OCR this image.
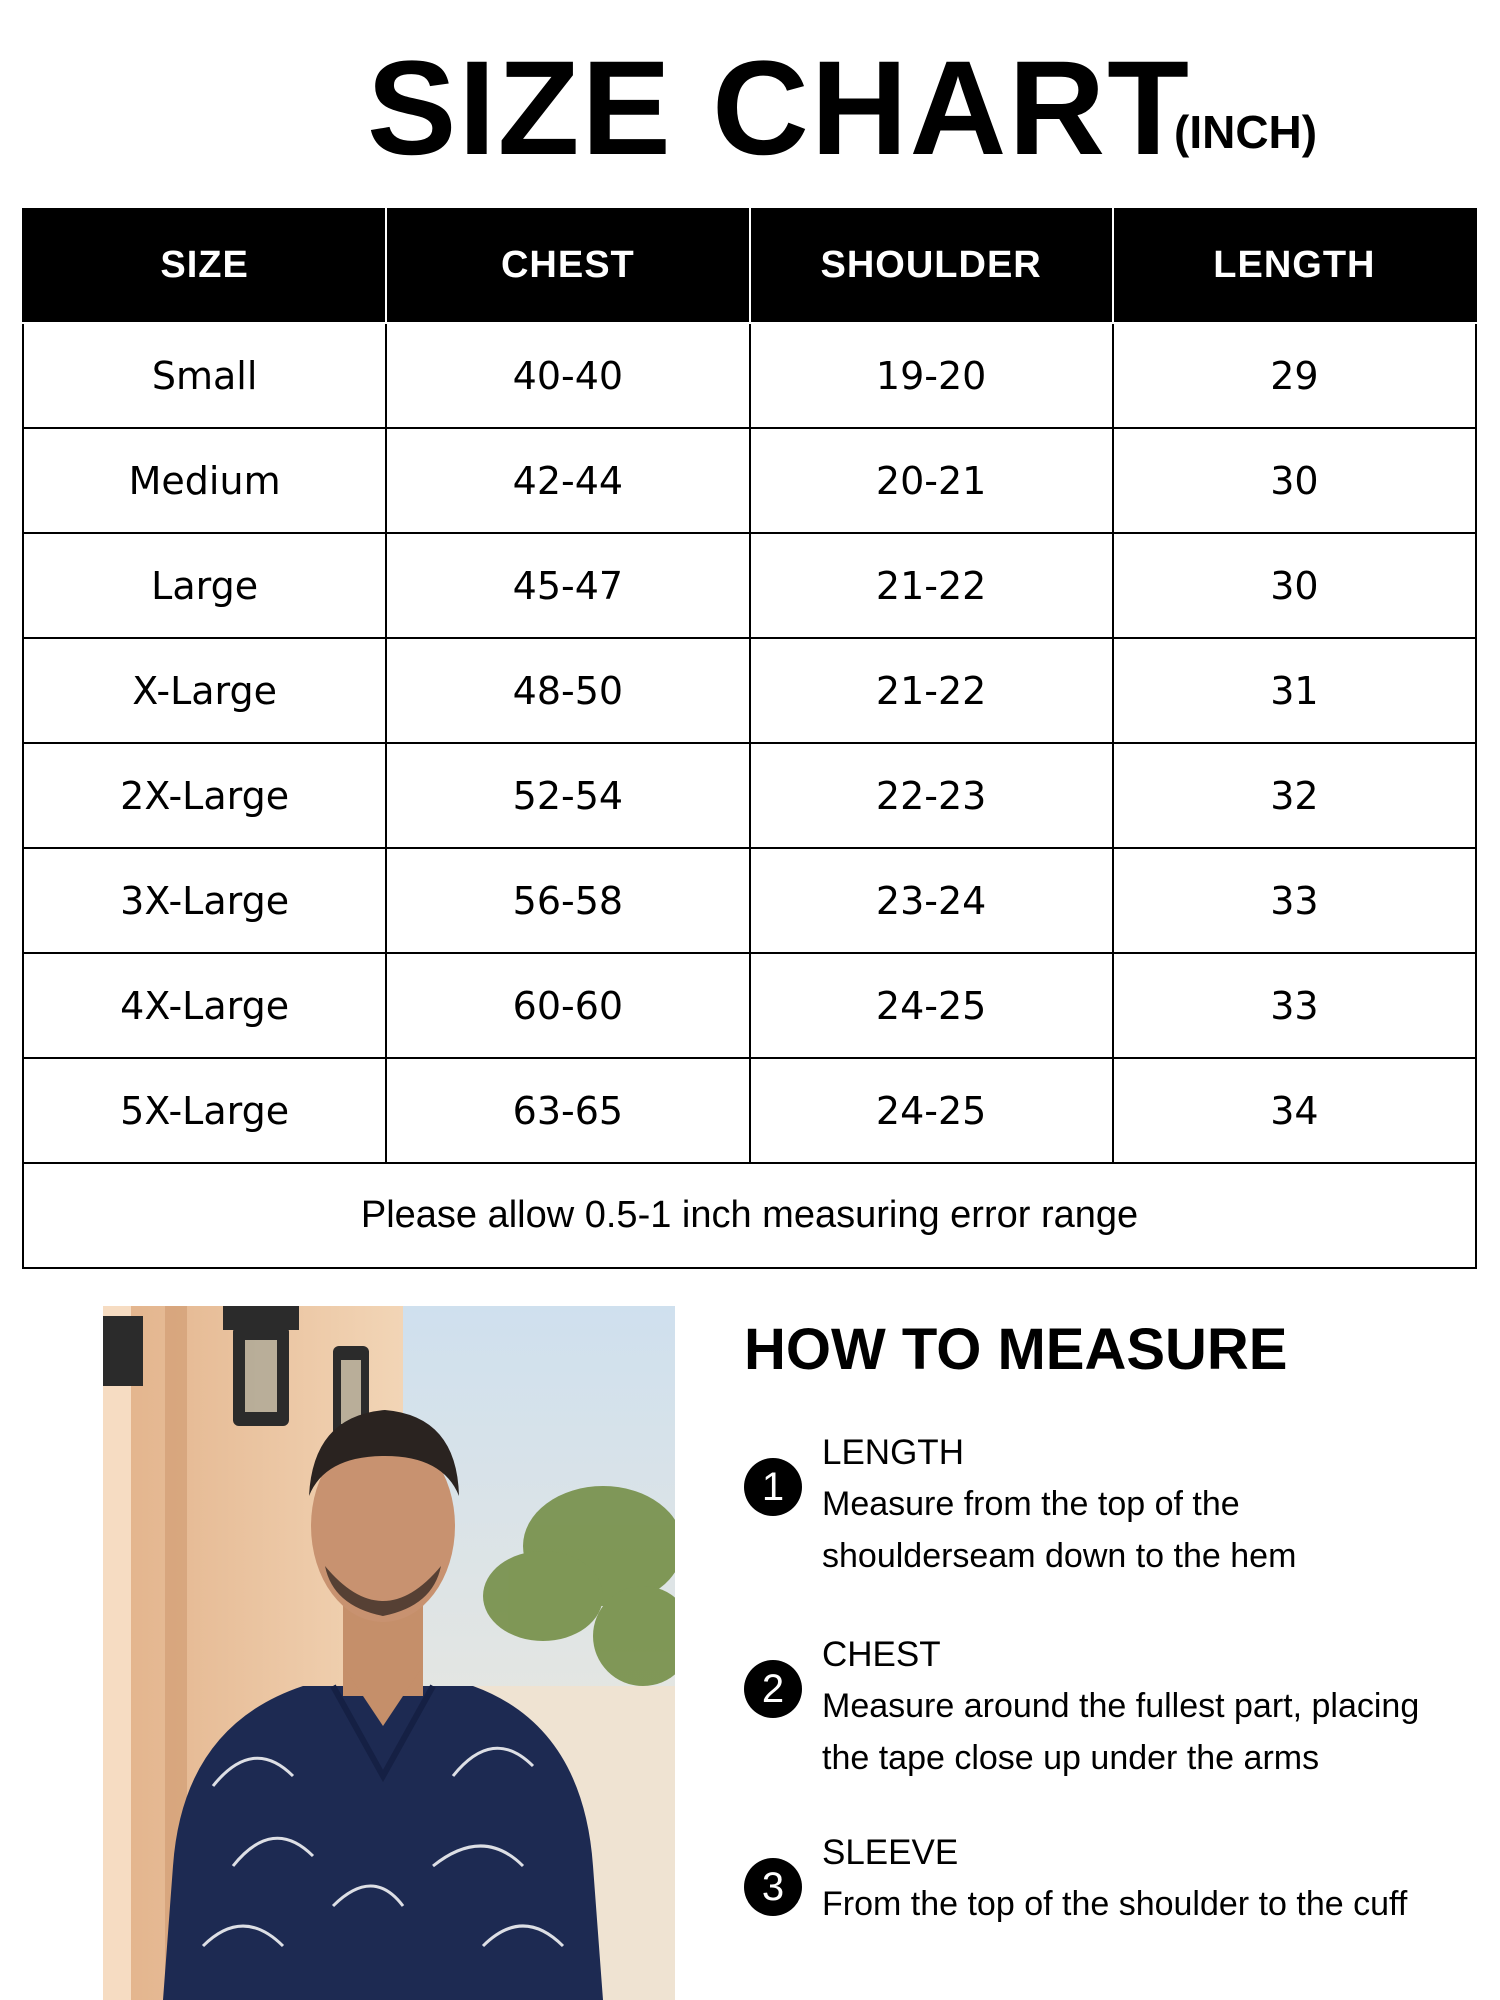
SIZE CHART
(INCH)
SIZE	CHEST	SHOULDER	LENGTH
Small	40-40	19-20	29
Medium	42-44	20-21	30
Large	45-47	21-22	30
X-Large	48-50	21-22	31
2X-Large	52-54	22-23	32
3X-Large	56-58	23-24	33
4X-Large	60-60	24-25	33
5X-Large	63-65	24-25	34
Please allow 0.5-1 inch measuring error range			
HOW TO MEASURE
1
LENGTH
Measure from the top of the
shoulderseam down to the hem
2
CHEST
Measure around the fullest part, placing
the tape close up under the arms
3
SLEEVE
From the top of the shoulder to the cuff
